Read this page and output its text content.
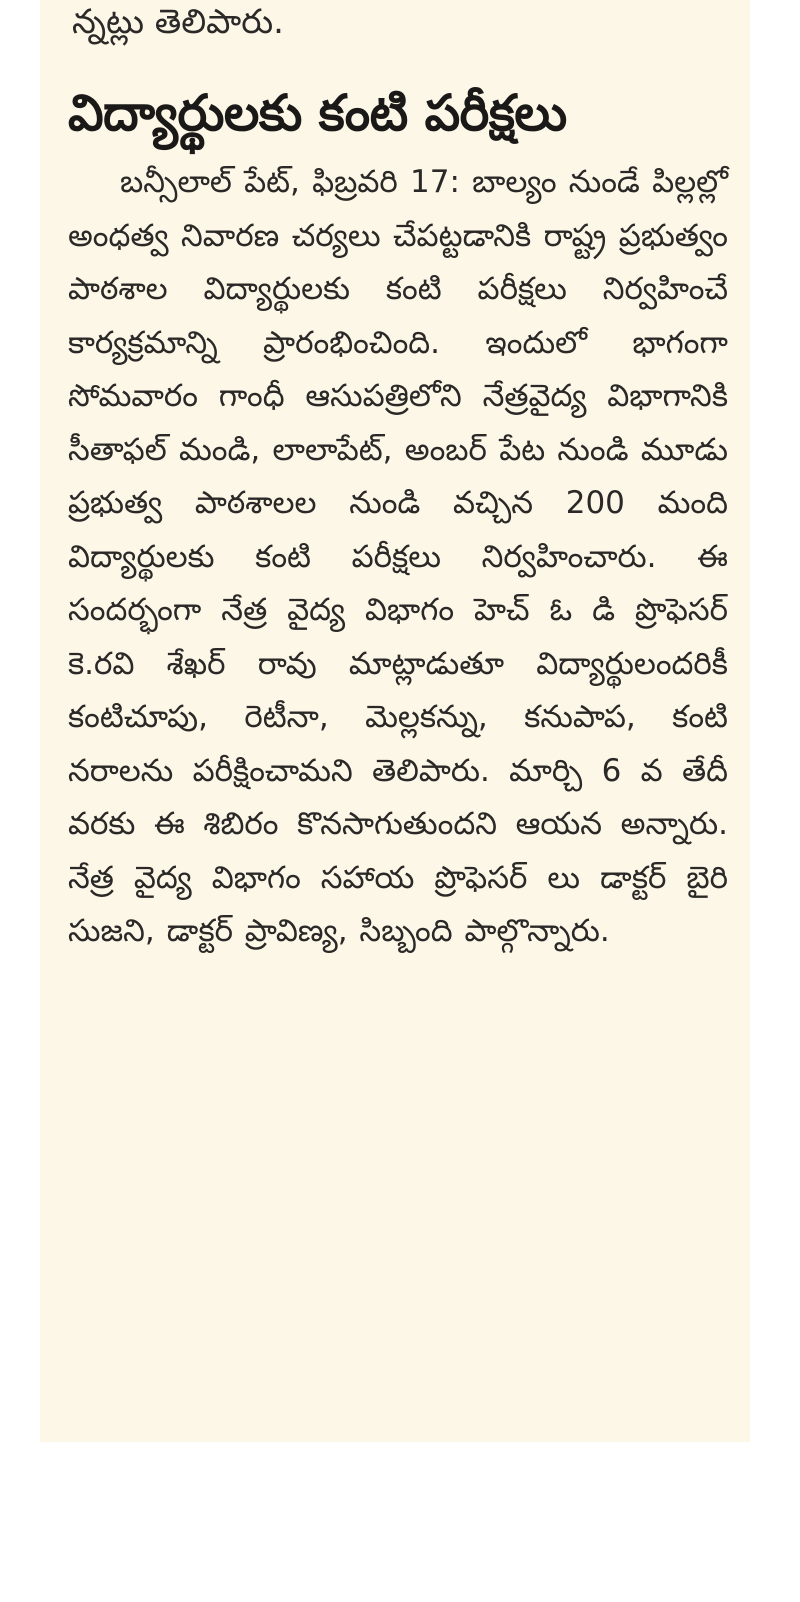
న్నట్లు తెలిపారు.
విద్యార్థులకు కంటి పరీక్షలు
బన్సీలాల్ పేట్, ఫిబ్రవరి 17: బాల్యం నుండే పిల్లల్లో అంధత్వ నివారణ చర్యలు చేపట్టడానికి రాష్ట్ర ప్రభుత్వం పాఠశాల విద్యార్థులకు కంటి పరీక్షలు నిర్వహించే కార్యక్రమాన్ని ప్రారంభించింది. ఇందులో భాగంగా సోమవారం గాంధీ ఆసుపత్రిలోని నేత్రవైద్య విభాగానికి సీతాఫల్ మండి, లాలాపేట్, అంబర్ పేట నుండి మూడు ప్రభుత్వ పాఠశాలల నుండి వచ్చిన 200 మంది విద్యార్థులకు కంటి పరీక్షలు నిర్వహించారు. ఈ సందర్భంగా నేత్ర వైద్య విభాగం హెచ్ ఓ డి ప్రొఫెసర్ కె.రవి శేఖర్ రావు మాట్లాడుతూ విద్యార్థులందరికీ కంటిచూపు, రెటీనా, మెల్లకన్ను, కనుపాప, కంటి నరాలను పరీక్షించామని తెలిపారు. మార్చి 6 వ తేదీ వరకు ఈ శిబిరం కొనసాగుతుందని ఆయన అన్నారు. నేత్ర వైద్య విభాగం సహాయ ప్రొఫెసర్ లు డాక్టర్ బైరి సుజని, డాక్టర్ ప్రావిణ్య, సిబ్బంది పాల్గొన్నారు.
